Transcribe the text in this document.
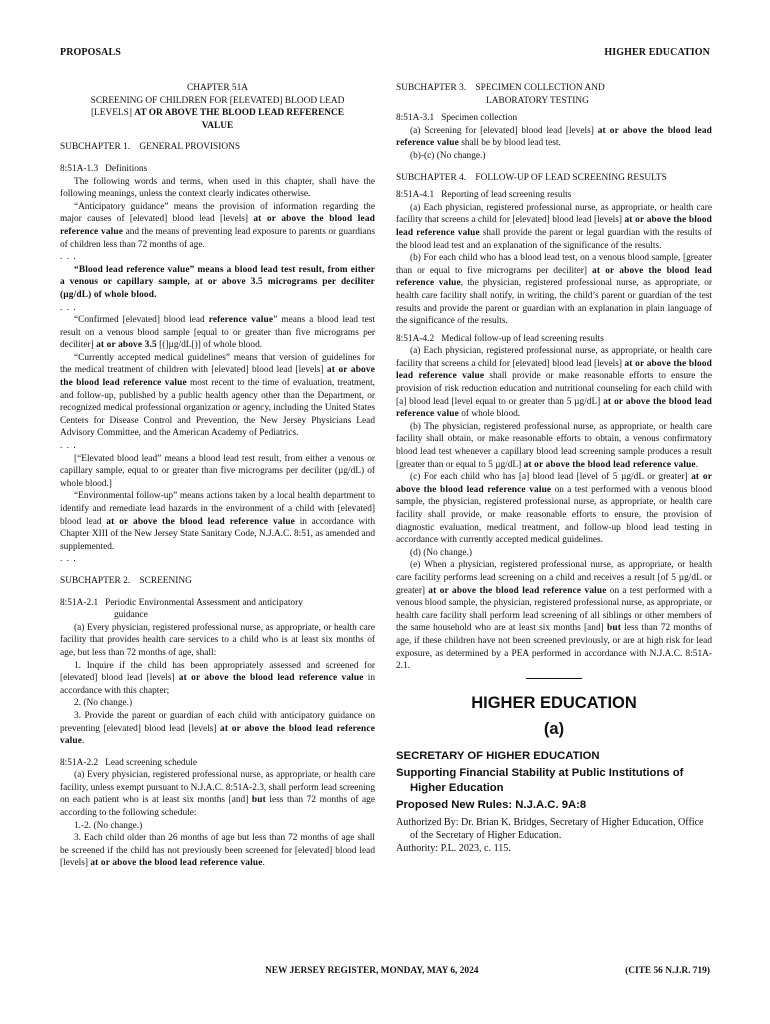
PROPOSALS	HIGHER EDUCATION

CHAPTER 51A

SCREENING OF CHILDREN FOR [ELEVATED] BLOOD LEAD

[LEVELS] AT OR ABOVE THE BLOOD LEAD REFERENCE

VALUE

SUBCHAPTER 1.    GENERAL PROVISIONS

8:51A-1.3   Definitions

The following words and terms, when used in this chapter, shall have the following meanings, unless the context clearly indicates otherwise.

“Anticipatory guidance” means the provision of information regarding the major causes of [elevated] blood lead [levels] at or above the blood lead reference value and the means of preventing lead exposure to parents or guardians of children less than 72 months of age.

. . .

“Blood lead reference value” means a blood lead test result, from either a venous or capillary sample, at or above 3.5 micrograms per deciliter (µg/dL) of whole blood.

. . .

“Confirmed [elevated] blood lead reference value” means a blood lead test result on a venous blood sample [equal to or greater than five micrograms per deciliter] at or above 3.5 [(]µg/dL[)] of whole blood.

“Currently accepted medical guidelines” means that version of guidelines for the medical treatment of children with [elevated] blood lead [levels] at or above the blood lead reference value most recent to the time of evaluation, treatment, and follow-up, published by a public health agency other than the Department, or recognized medical professional organization or agency, including the United States Centers for Disease Control and Prevention, the New Jersey Physicians Lead Advisory Committee, and the American Academy of Pediatrics.

. . .

[“Elevated blood lead” means a blood lead test result, from either a venous or capillary sample, equal to or greater than five micrograms per deciliter (µg/dL) of whole blood.]

“Environmental follow-up” means actions taken by a local health department to identify and remediate lead hazards in the environment of a child with [elevated] blood lead at or above the blood lead reference value in accordance with Chapter XIII of the New Jersey State Sanitary Code, N.J.A.C. 8:51, as amended and supplemented.

. . .

SUBCHAPTER 2.    SCREENING

8:51A-2.1   Periodic Environmental Assessment and anticipatory

guidance

(a) Every physician, registered professional nurse, as appropriate, or health care facility that provides health care services to a child who is at least six months of age, but less than 72 months of age, shall:

1. Inquire if the child has been appropriately assessed and screened for [elevated] blood lead [levels] at or above the blood lead reference value in accordance with this chapter;

2. (No change.)

3. Provide the parent or guardian of each child with anticipatory guidance on preventing [elevated] blood lead [levels] at or above the blood lead reference value.

8:51A-2.2   Lead screening schedule

(a) Every physician, registered professional nurse, as appropriate, or health care facility, unless exempt pursuant to N.J.A.C. 8:51A-2.3, shall perform lead screening on each patient who is at least six months [and] but less than 72 months of age according to the following schedule:

1.-2. (No change.)

3. Each child older than 26 months of age but less than 72 months of age shall be screened if the child has not previously been screened for [elevated] blood lead [levels] at or above the blood lead reference value.

SUBCHAPTER 3.    SPECIMEN COLLECTION AND

LABORATORY TESTING

8:51A-3.1   Specimen collection

(a) Screening for [elevated] blood lead [levels] at or above the blood lead reference value shall be by blood lead test.

(b)-(c) (No change.)

SUBCHAPTER 4.    FOLLOW-UP OF LEAD SCREENING RESULTS

8:51A-4.1   Reporting of lead screening results

(a) Each physician, registered professional nurse, as appropriate, or health care facility that screens a child for [elevated] blood lead [levels] at or above the blood lead reference value shall provide the parent or legal guardian with the results of the blood lead test and an explanation of the significance of the results.

(b) For each child who has a blood lead test, on a venous blood sample, [greater than or equal to five micrograms per deciliter] at or above the blood lead reference value, the physician, registered professional nurse, as appropriate, or health care facility shall notify, in writing, the child’s parent or guardian of the test results and provide the parent or guardian with an explanation in plain language of the significance of the results.

8:51A-4.2   Medical follow-up of lead screening results

(a) Each physician, registered professional nurse, as appropriate, or health care facility that screens a child for [elevated] blood lead [levels] at or above the blood lead reference value shall provide or make reasonable efforts to ensure the provision of risk reduction education and nutritional counseling for each child with [a] blood lead [level equal to or greater than 5 µg/dL] at or above the blood lead reference value of whole blood.

(b) The physician, registered professional nurse, as appropriate, or health care facility shall obtain, or make reasonable efforts to obtain, a venous confirmatory blood lead test whenever a capillary blood lead screening sample produces a result [greater than or equal to 5 µg/dL] at or above the blood lead reference value.

(c) For each child who has [a] blood lead [level of 5 µg/dL or greater] at or above the blood lead reference value on a test performed with a venous blood sample, the physician, registered professional nurse, as appropriate, or health care facility shall provide, or make reasonable efforts to ensure, the provision of diagnostic evaluation, medical treatment, and follow-up blood lead testing in accordance with currently accepted medical guidelines.

(d) (No change.)

(e) When a physician, registered professional nurse, as appropriate, or health care facility performs lead screening on a child and receives a result [of 5 µg/dL or greater] at or above the blood lead reference value on a test performed with a venous blood sample, the physician, registered professional nurse, as appropriate, or health care facility shall perform lead screening of all siblings or other members of the same household who are at least six months [and] but less than 72 months of age, if these children have not been screened previously, or are at high risk for lead exposure, as determined by a PEA performed in accordance with N.J.A.C. 8:51A-2.1.

HIGHER EDUCATION

(a)

SECRETARY OF HIGHER EDUCATION

Supporting Financial Stability at Public Institutions of Higher Education

Proposed New Rules: N.J.A.C. 9A:8

Authorized By: Dr. Brian K. Bridges, Secretary of Higher Education, Office of the Secretary of Higher Education.

Authority: P.L. 2023, c. 115.

NEW JERSEY REGISTER, MONDAY, MAY 6, 2024	(CITE 56 N.J.R. 719)
